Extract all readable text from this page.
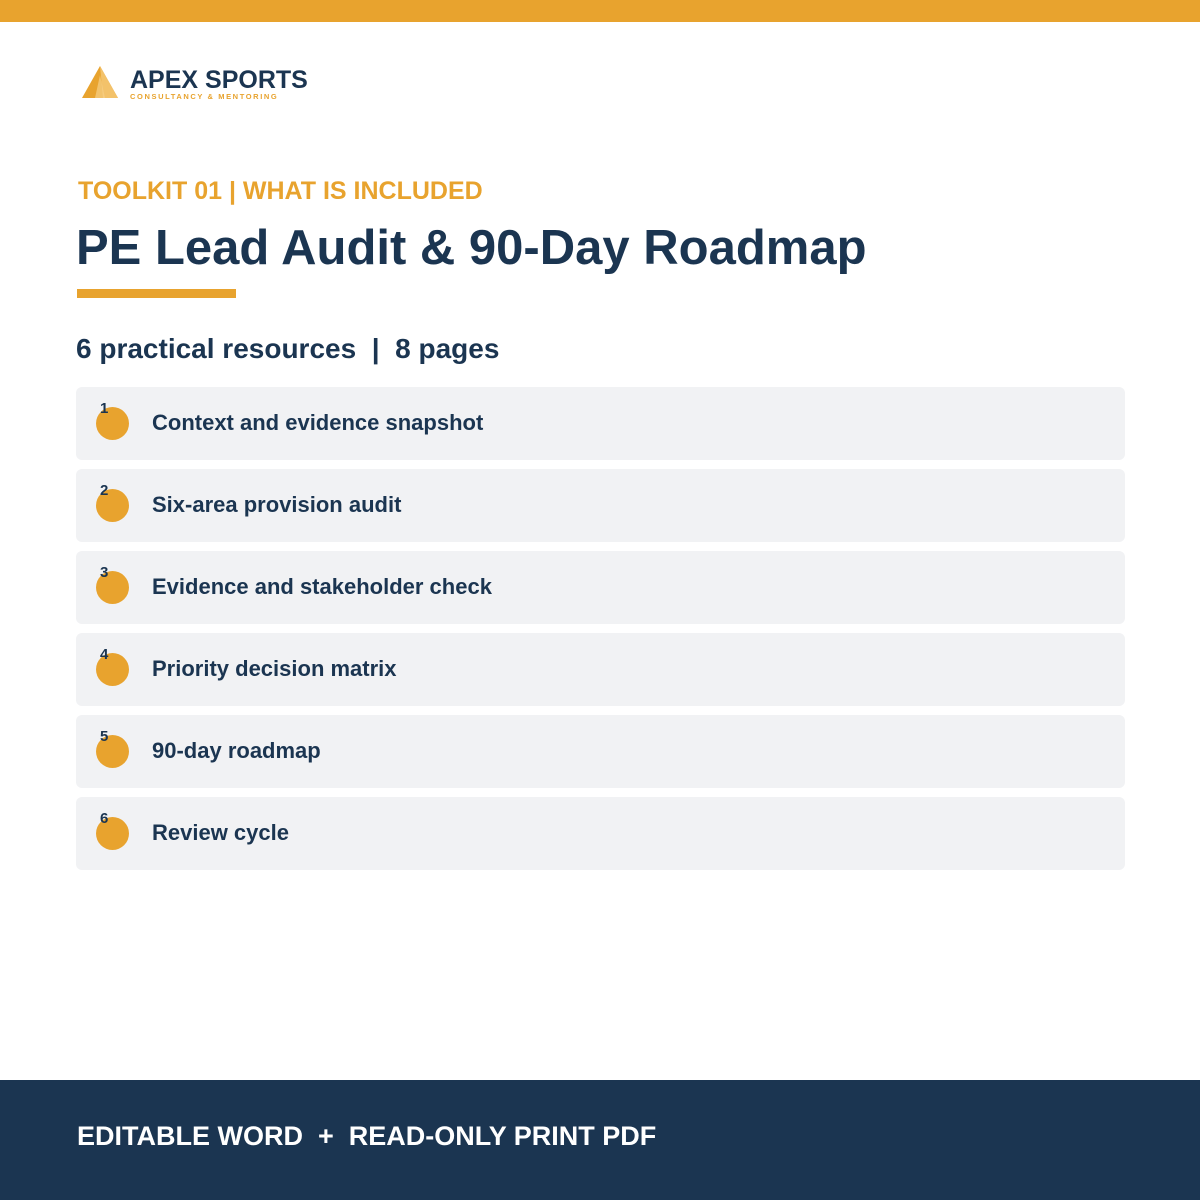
APEX SPORTS
CONSULTANCY & MENTORING
TOOLKIT 01 | WHAT IS INCLUDED
PE Lead Audit & 90-Day Roadmap
6 practical resources  |  8 pages
1
Context and evidence snapshot
2
Six-area provision audit
3
Evidence and stakeholder check
4
Priority decision matrix
5
90-day roadmap
6
Review cycle
EDITABLE WORD  +  READ-ONLY PRINT PDF
